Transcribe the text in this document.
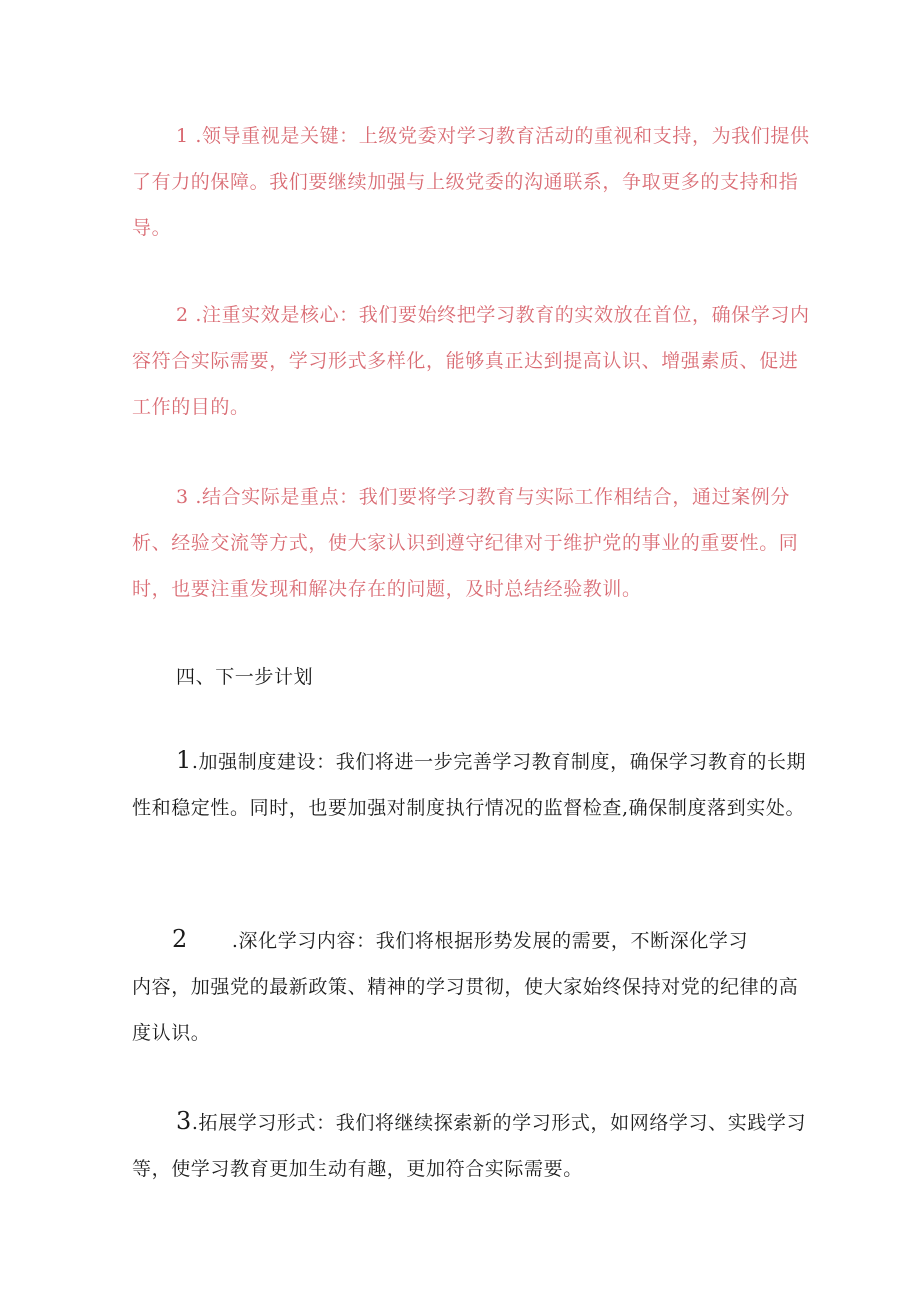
1 .领导重视是关键：上级党委对学习教育活动的重视和支持，为我们提供了有力的保障。我们要继续加强与上级党委的沟通联系，争取更多的支持和指导。

2 .注重实效是核心：我们要始终把学习教育的实效放在首位，确保学习内容符合实际需要，学习形式多样化，能够真正达到提高认识、增强素质、促进工作的目的。

3 .结合实际是重点：我们要将学习教育与实际工作相结合，通过案例分析、经验交流等方式，使大家认识到遵守纪律对于维护党的事业的重要性。同时，也要注重发现和解决存在的问题，及时总结经验教训。

四、下一步计划

1.加强制度建设：我们将进一步完善学习教育制度，确保学习教育的长期性和稳定性。同时，也要加强对制度执行情况的监督检查,确保制度落到实处。

2 .深化学习内容：我们将根据形势发展的需要，不断深化学习
内容，加强党的最新政策、精神的学习贯彻，使大家始终保持对党的纪律的高度认识。

3.拓展学习形式：我们将继续探索新的学习形式，如网络学习、实践学习等，使学习教育更加生动有趣，更加符合实际需要。
